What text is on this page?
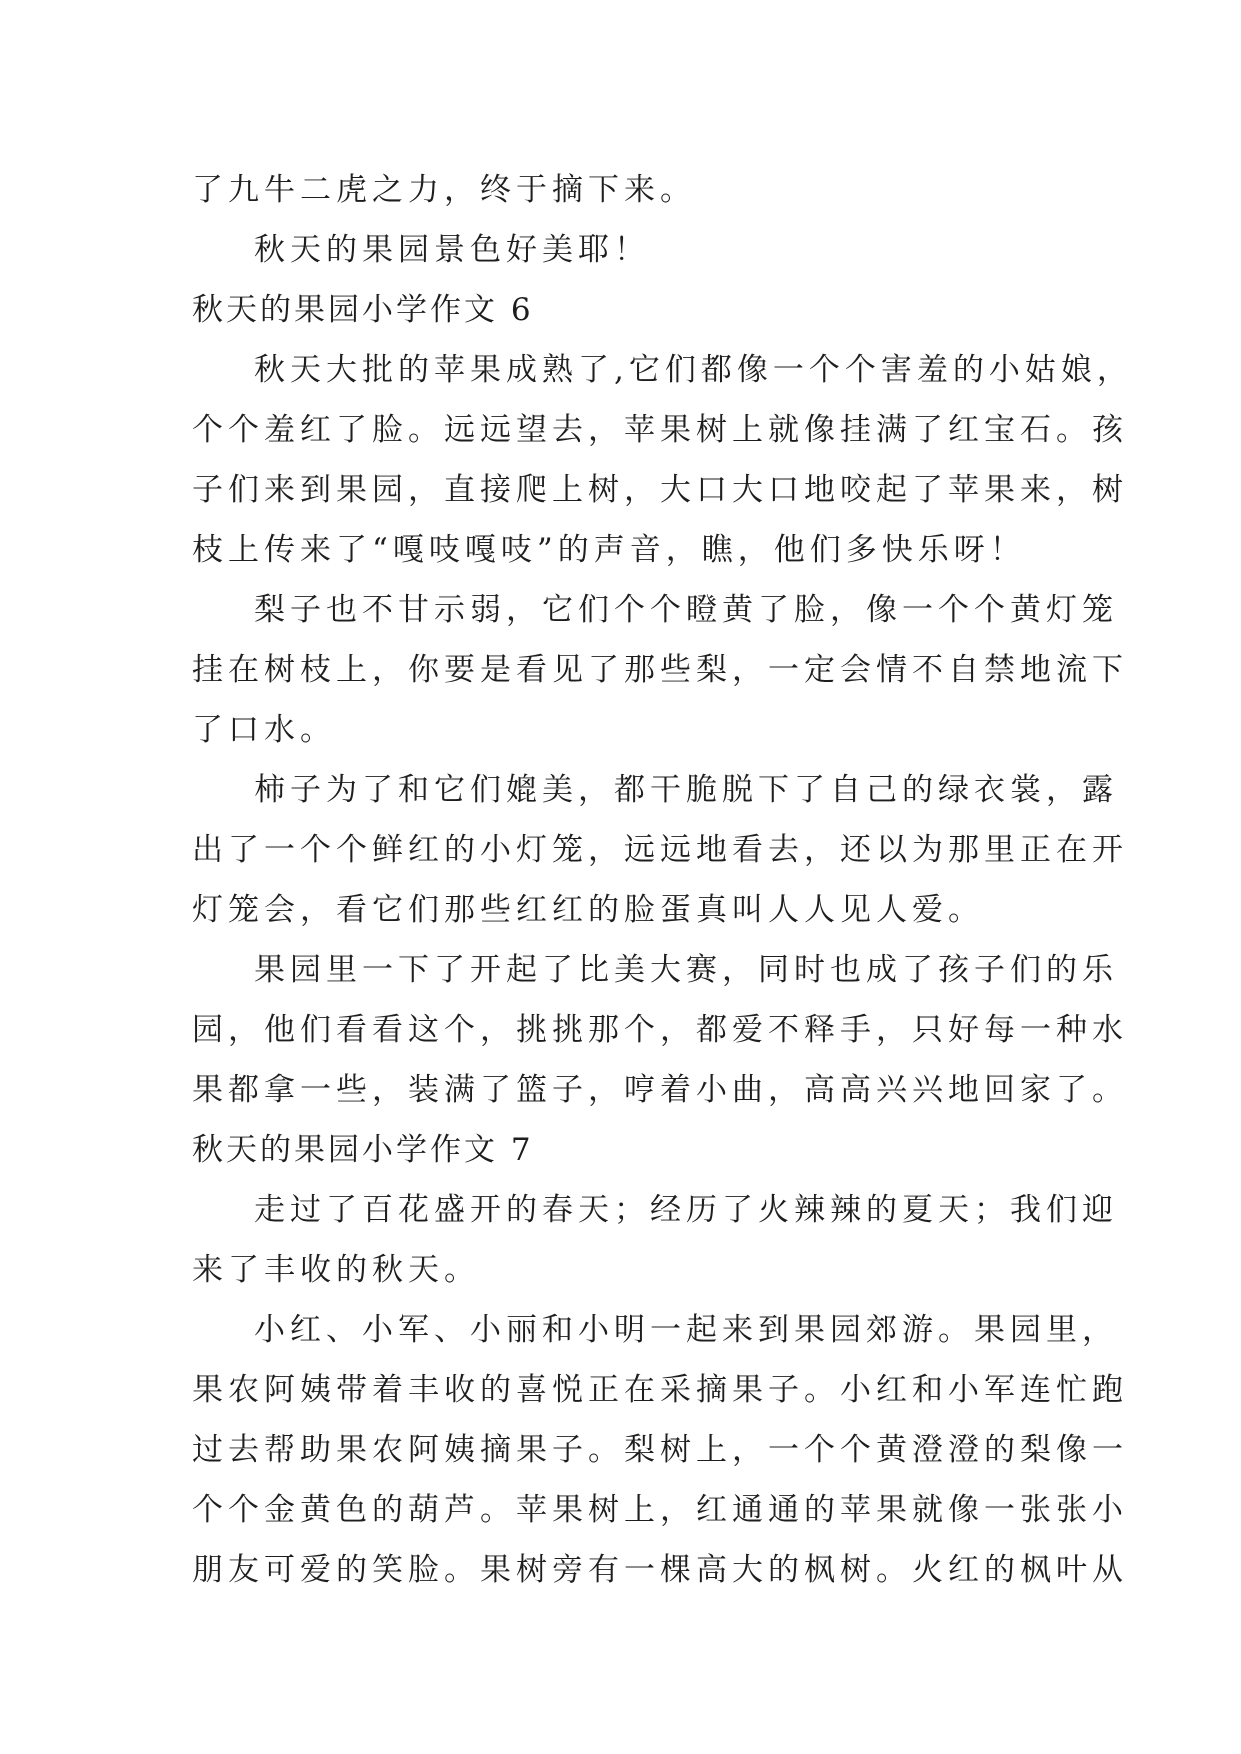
了九牛二虎之力，终于摘下来。
秋天的果园景色好美耶！
秋天的果园小学作文 6
秋天大批的苹果成熟了,它们都像一个个害羞的小姑娘，
个个羞红了脸。远远望去，苹果树上就像挂满了红宝石。孩
子们来到果园，直接爬上树，大口大口地咬起了苹果来，树
枝上传来了“嘎吱嘎吱”的声音，瞧，他们多快乐呀！
梨子也不甘示弱，它们个个瞪黄了脸，像一个个黄灯笼
挂在树枝上，你要是看见了那些梨，一定会情不自禁地流下
了口水。
柿子为了和它们媲美，都干脆脱下了自己的绿衣裳，露
出了一个个鲜红的小灯笼，远远地看去，还以为那里正在开
灯笼会，看它们那些红红的脸蛋真叫人人见人爱。
果园里一下了开起了比美大赛，同时也成了孩子们的乐
园，他们看看这个，挑挑那个，都爱不释手，只好每一种水
果都拿一些，装满了篮子，哼着小曲，高高兴兴地回家了。
秋天的果园小学作文 7
走过了百花盛开的春天；经历了火辣辣的夏天；我们迎
来了丰收的秋天。
小红、小军、小丽和小明一起来到果园郊游。果园里，
果农阿姨带着丰收的喜悦正在采摘果子。小红和小军连忙跑
过去帮助果农阿姨摘果子。梨树上，一个个黄澄澄的梨像一
个个金黄色的葫芦。苹果树上，红通通的苹果就像一张张小
朋友可爱的笑脸。果树旁有一棵高大的枫树。火红的枫叶从
